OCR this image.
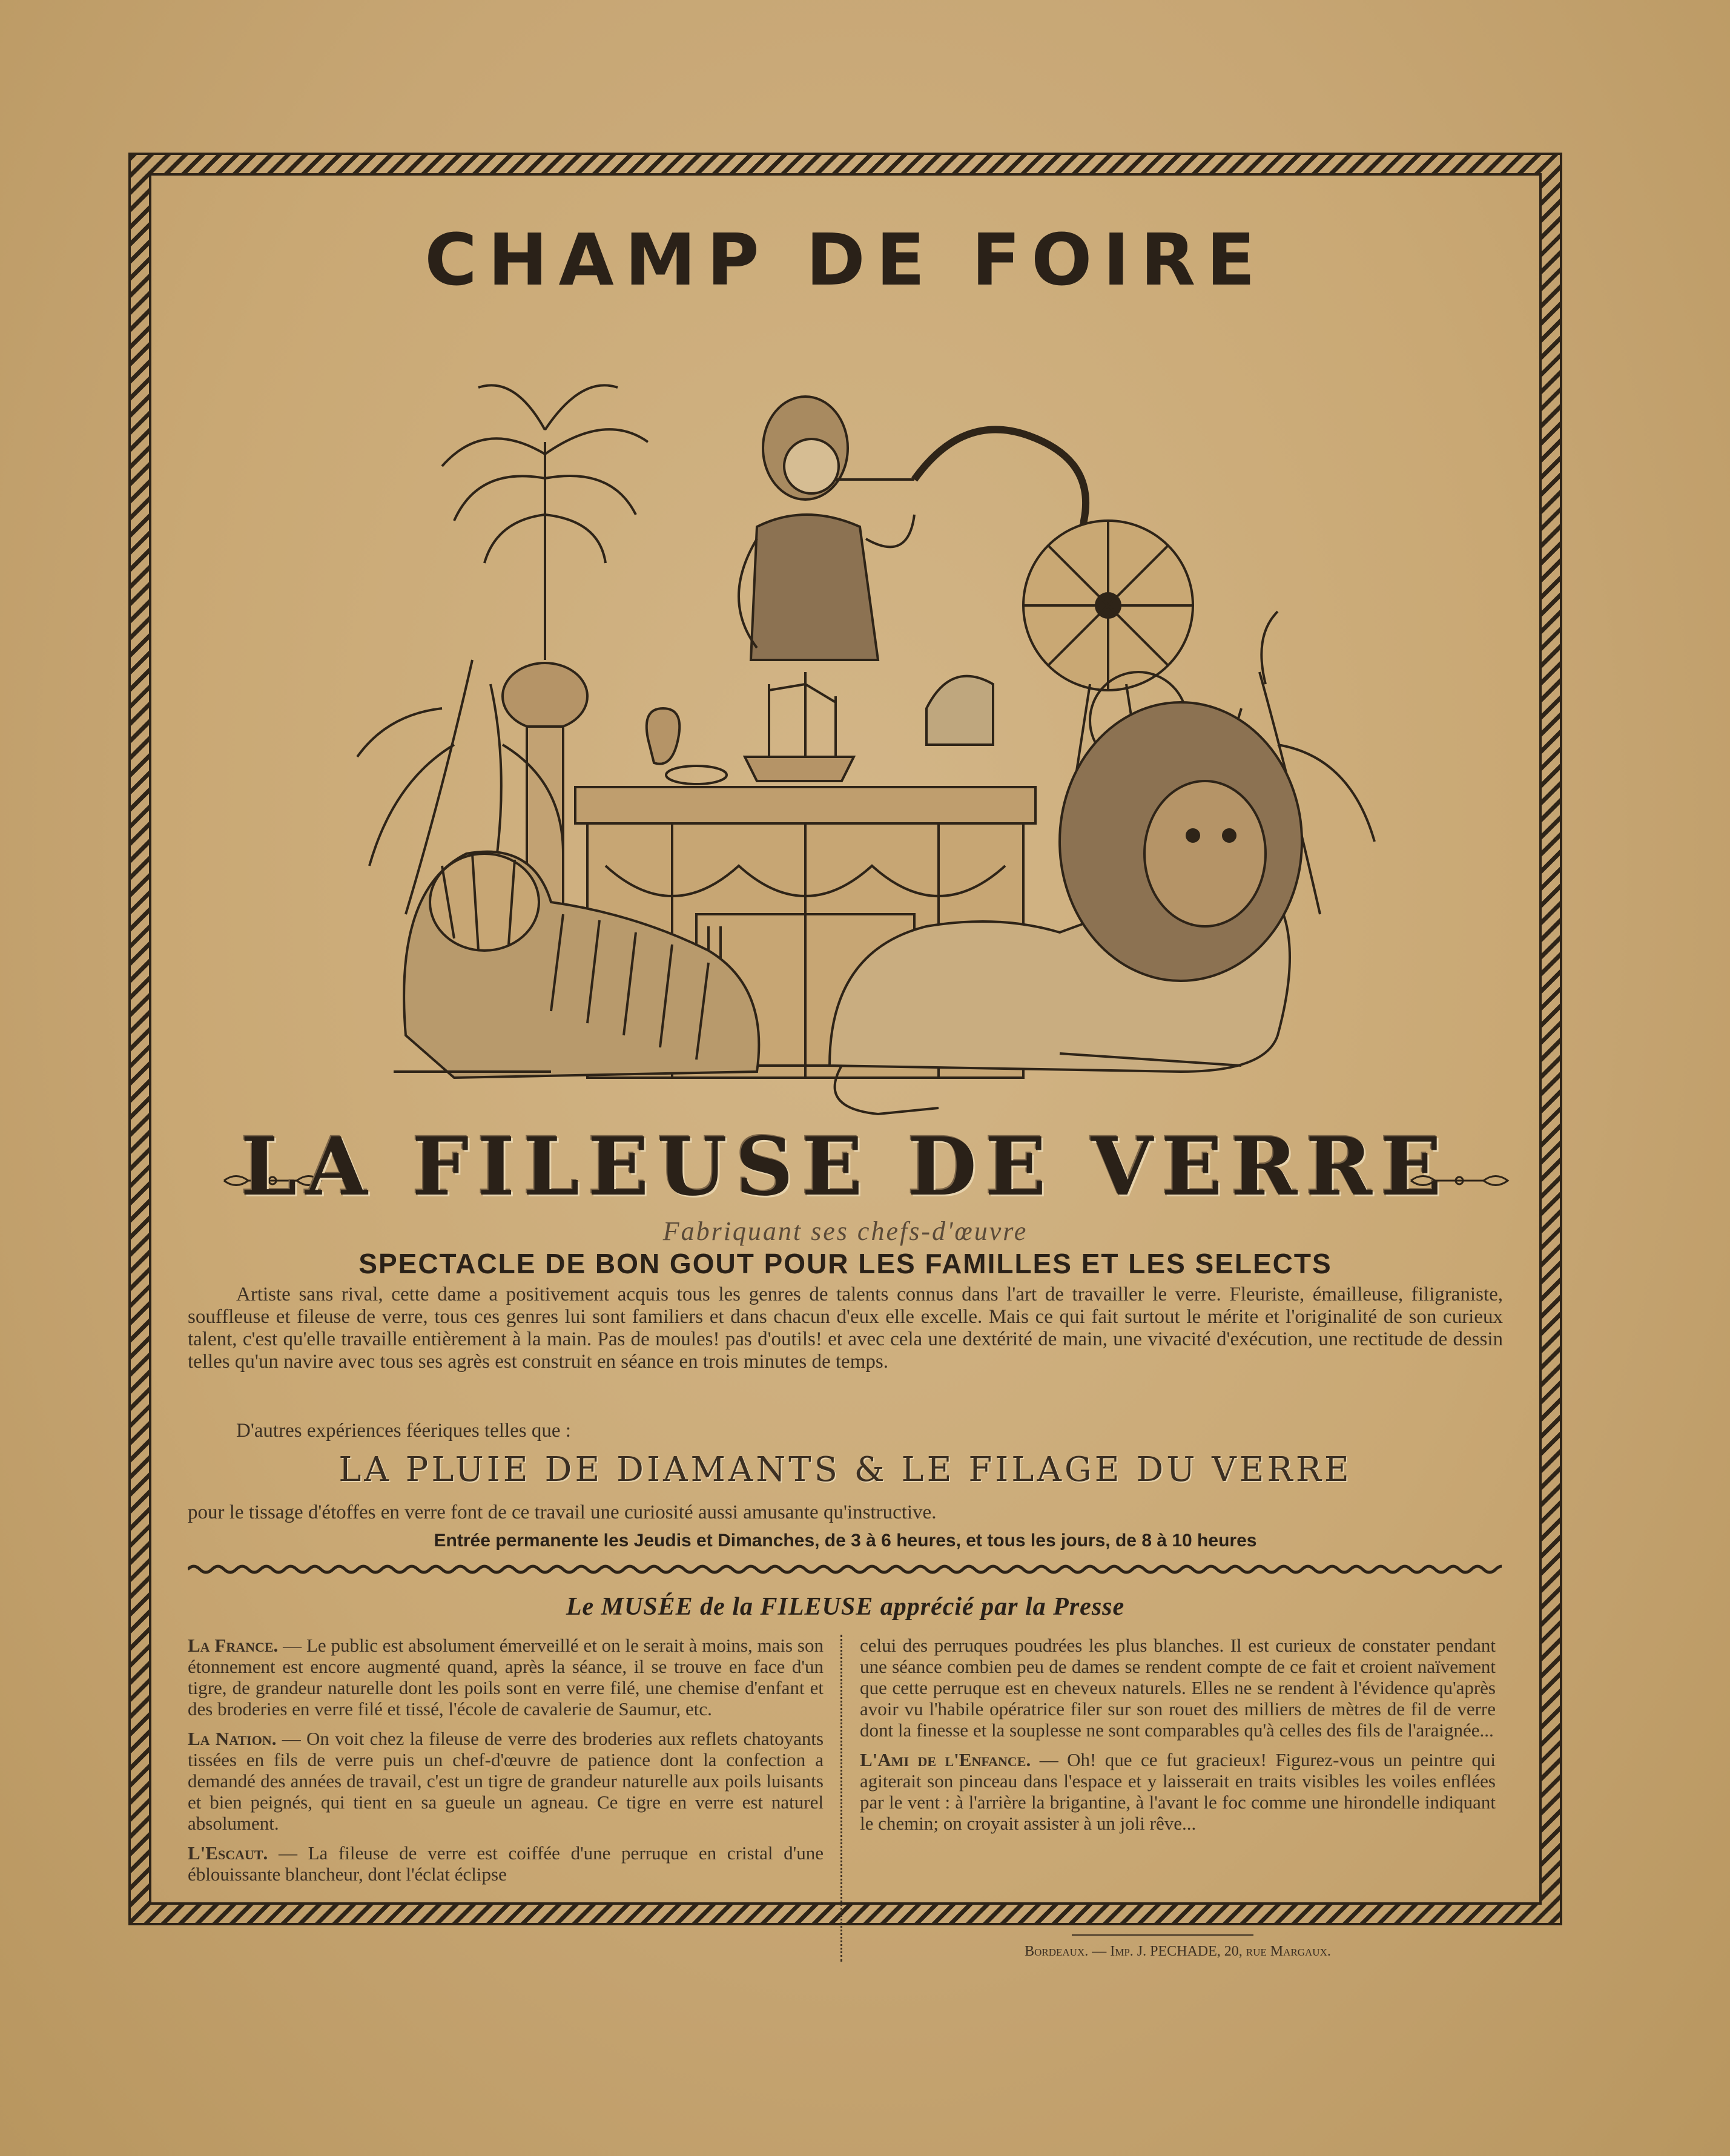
CHAMP DE FOIRE
LA FILEUSE DE VERRE
Fabriquant ses chefs-d'œuvre
SPECTACLE DE BON GOUT POUR LES FAMILLES ET LES SELECTS
Artiste sans rival, cette dame a positivement acquis tous les genres de talents connus dans l'art de travailler le verre. Fleuriste, émailleuse, filigraniste, souffleuse et fileuse de verre, tous ces genres lui sont familiers et dans chacun d'eux elle excelle. Mais ce qui fait surtout le mérite et l'originalité de son curieux talent, c'est qu'elle travaille entièrement à la main. Pas de moules! pas d'outils! et avec cela une dextérité de main, une vivacité d'exécution, une rectitude de dessin telles qu'un navire avec tous ses agrès est construit en séance en trois minutes de temps.
D'autres expériences féeriques telles que :
LA PLUIE DE DIAMANTS & LE FILAGE DU VERRE
pour le tissage d'étoffes en verre font de ce travail une curiosité aussi amusante qu'instructive.
Entrée permanente les Jeudis et Dimanches, de 3 à 6 heures, et tous les jours, de 8 à 10 heures
Le MUSÉE de la FILEUSE apprécié par la Presse

La France. — Le public est absolument émerveillé et on le serait à moins, mais son étonnement est encore augmenté quand, après la séance, il se trouve en face d'un tigre, de grandeur naturelle dont les poils sont en verre filé, une chemise d'enfant et des broderies en verre filé et tissé, l'école de cavalerie de Saumur, etc.

La Nation. — On voit chez la fileuse de verre des broderies aux reflets chatoyants tissées en fils de verre puis un chef-d'œuvre de patience dont la confection a demandé des années de travail, c'est un tigre de grandeur naturelle aux poils luisants et bien peignés, qui tient en sa gueule un agneau. Ce tigre en verre est naturel absolument.

L'Escaut. — La fileuse de verre est coiffée d'une perruque en cristal d'une éblouissante blancheur, dont l'éclat éclipse

celui des perruques poudrées les plus blanches. Il est curieux de constater pendant une séance combien peu de dames se rendent compte de ce fait et croient naïvement que cette perruque est en cheveux naturels. Elles ne se rendent à l'évidence qu'après avoir vu l'habile opératrice filer sur son rouet des milliers de mètres de fil de verre dont la finesse et la souplesse ne sont comparables qu'à celles des fils de l'araignée...

L'Ami de l'Enfance. — Oh! que ce fut gracieux! Figurez-vous un peintre qui agiterait son pinceau dans l'espace et y laisserait en traits visibles les voiles enflées par le vent : à l'arrière la brigantine, à l'avant le foc comme une hirondelle indiquant le chemin; on croyait assister à un joli rêve...

Bordeaux. — Imp. J. PECHADE, 20, rue Margaux.
